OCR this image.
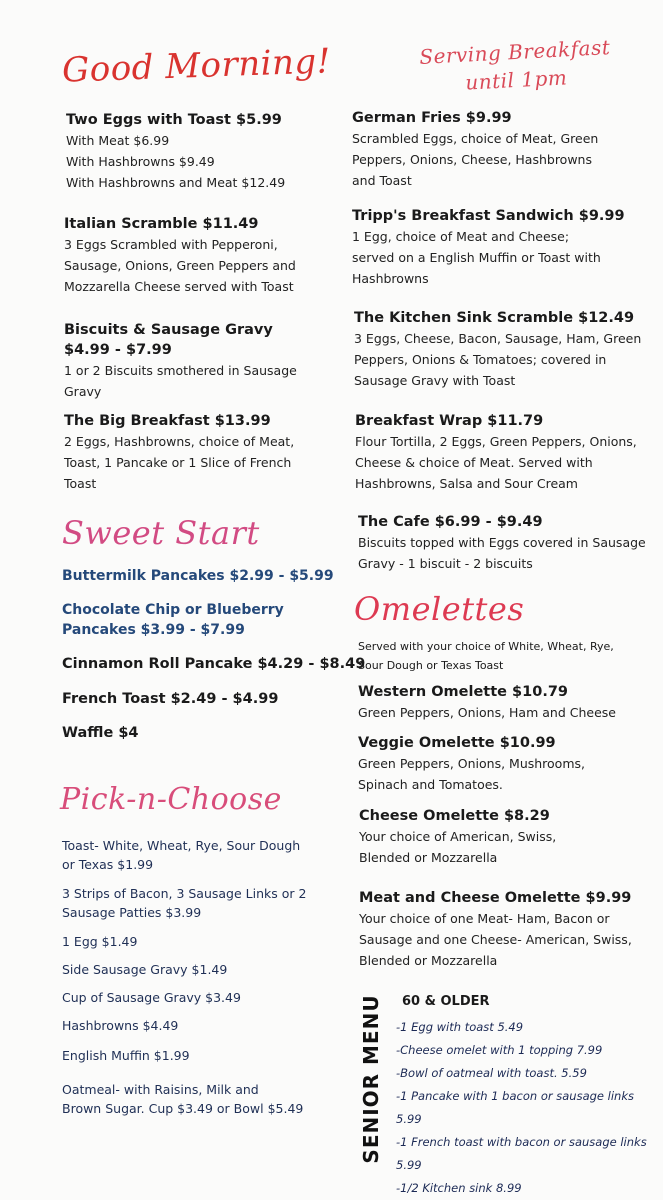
Good Morning!	Serving Breakfast
until 1pm
Two Eggs with Toast $5.99
With Meat $6.99
With Hashbrowns $9.49
With Hashbrowns and Meat $12.49
Italian Scramble $11.49
3 Eggs Scrambled with Pepperoni,
Sausage, Onions, Green Peppers and
Mozzarella Cheese served with Toast
Biscuits & Sausage Gravy
$4.99 - $7.99
1 or 2 Biscuits smothered in Sausage
Gravy
The Big Breakfast $13.99
2 Eggs, Hashbrowns, choice of Meat,
Toast, 1 Pancake or 1 Slice of French
Toast
Sweet Start
Buttermilk Pancakes $2.99 - $5.99
Chocolate Chip or Blueberry
Pancakes $3.99 - $7.99
Cinnamon Roll Pancake $4.29 - $8.49
French Toast $2.49 - $4.99
Waffle $4
Pick-n-Choose
Toast- White, Wheat, Rye, Sour Dough
or Texas $1.99
3 Strips of Bacon, 3 Sausage Links or 2
Sausage Patties $3.99
1 Egg $1.49
Side Sausage Gravy $1.49
Cup of Sausage Gravy $3.49
Hashbrowns $4.49
English Muffin $1.99
Oatmeal- with Raisins, Milk and
Brown Sugar. Cup $3.49 or Bowl $5.49
German Fries $9.99
Scrambled Eggs, choice of Meat, Green
Peppers, Onions, Cheese, Hashbrowns
and Toast
Tripp's Breakfast Sandwich $9.99
1 Egg, choice of Meat and Cheese;
served on a English Muffin or Toast with
Hashbrowns
The Kitchen Sink Scramble $12.49
3 Eggs, Cheese, Bacon, Sausage, Ham, Green
Peppers, Onions & Tomatoes; covered in
Sausage Gravy with Toast
Breakfast Wrap $11.79
Flour Tortilla, 2 Eggs, Green Peppers, Onions,
Cheese & choice of Meat. Served with
Hashbrowns, Salsa and Sour Cream
The Cafe $6.99 - $9.49
Biscuits topped with Eggs covered in Sausage
Gravy - 1 biscuit - 2 biscuits
Omelettes
Served with your choice of White, Wheat, Rye,
Sour Dough or Texas Toast
Western Omelette $10.79
Green Peppers, Onions, Ham and Cheese
Veggie Omelette $10.99
Green Peppers, Onions, Mushrooms,
Spinach and Tomatoes.
Cheese Omelette $8.29
Your choice of American, Swiss,
Blended or Mozzarella
Meat and Cheese Omelette $9.99
Your choice of one Meat- Ham, Bacon or
Sausage and one Cheese- American, Swiss,
Blended or Mozzarella
SENIOR MENU 60 & OLDER
-1 Egg with toast 5.49
-Cheese omelet with 1 topping 7.99
-Bowl of oatmeal with toast. 5.59
-1 Pancake with 1 bacon or sausage links 5.99
-1 French toast with bacon or sausage links 5.99
-1/2 Kitchen sink 8.99
